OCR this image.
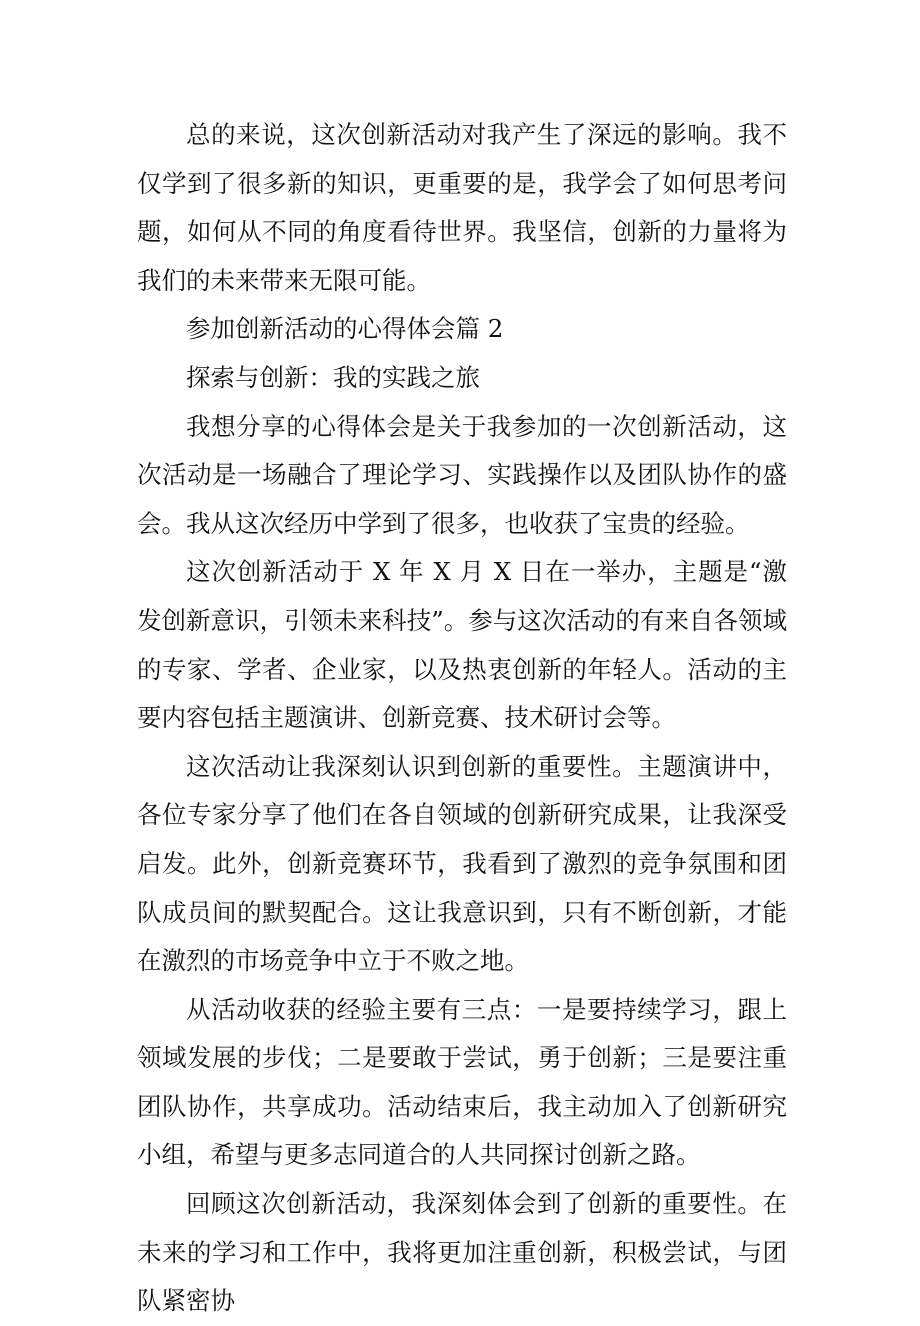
总的来说，这次创新活动对我产生了深远的影响。我不仅学到了很多新的知识，更重要的是，我学会了如何思考问题，如何从不同的角度看待世界。我坚信，创新的力量将为我们的未来带来无限可能。

参加创新活动的心得体会篇 2

探索与创新：我的实践之旅

我想分享的心得体会是关于我参加的一次创新活动，这次活动是一场融合了理论学习、实践操作以及团队协作的盛会。我从这次经历中学到了很多，也收获了宝贵的经验。

这次创新活动于 X 年 X 月 X 日在一举办，主题是“激发创新意识，引领未来科技”。参与这次活动的有来自各领域的专家、学者、企业家，以及热衷创新的年轻人。活动的主要内容包括主题演讲、创新竞赛、技术研讨会等。

这次活动让我深刻认识到创新的重要性。主题演讲中，各位专家分享了他们在各自领域的创新研究成果，让我深受启发。此外，创新竞赛环节，我看到了激烈的竞争氛围和团队成员间的默契配合。这让我意识到，只有不断创新，才能在激烈的市场竞争中立于不败之地。

从活动收获的经验主要有三点：一是要持续学习，跟上领域发展的步伐；二是要敢于尝试，勇于创新；三是要注重团队协作，共享成功。活动结束后，我主动加入了创新研究小组，希望与更多志同道合的人共同探讨创新之路。

回顾这次创新活动，我深刻体会到了创新的重要性。在未来的学习和工作中，我将更加注重创新，积极尝试，与团队紧密协
